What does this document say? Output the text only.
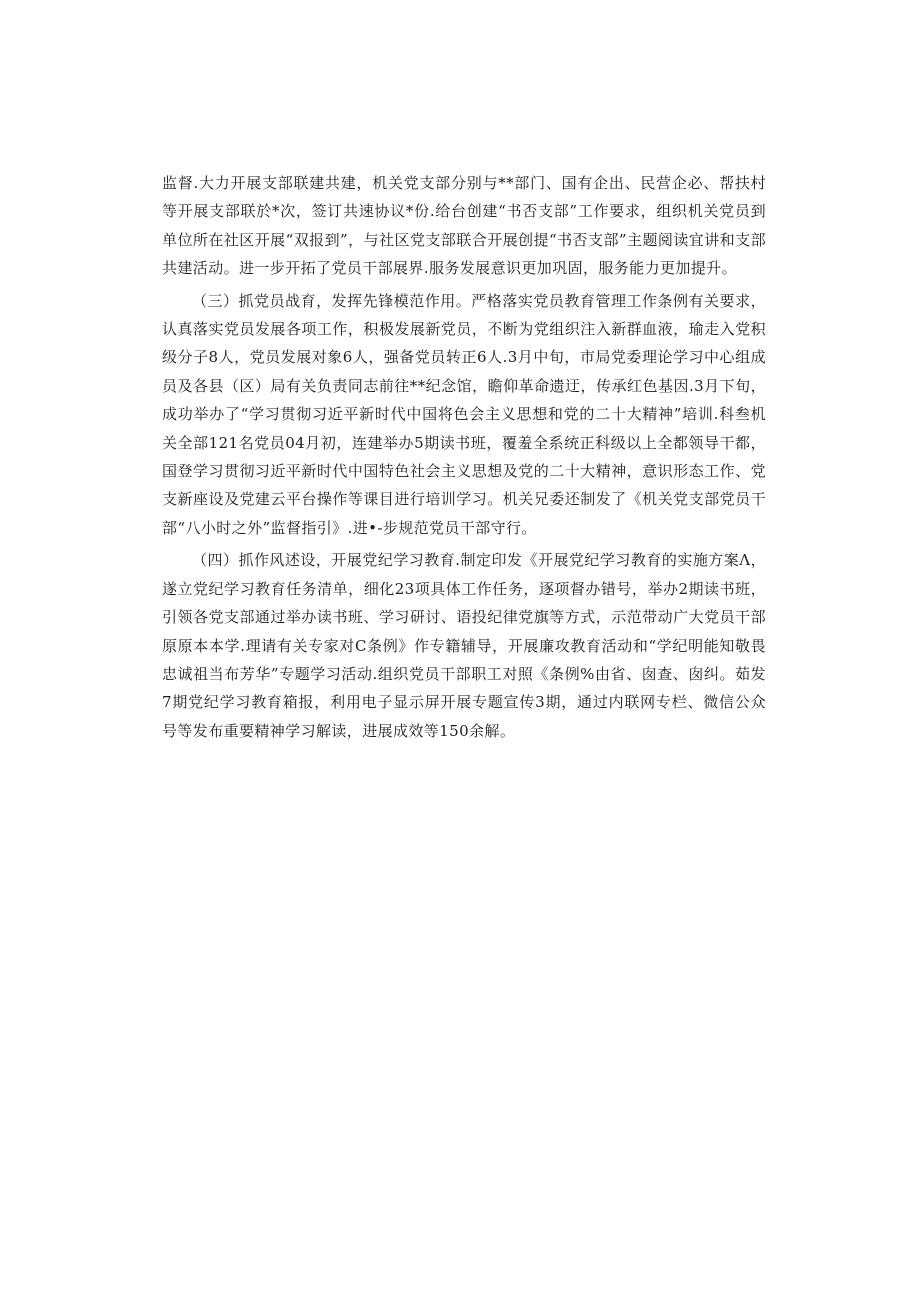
监督.大力开展支部联建共建，机关党支部分别与**部门、国有企出、民营企必、帮扶村等开展支部联於*次，签订共速协议*份.给台创建“书否支部”工作要求，组织机关党员到单位所在社区开展“双报到”，与社区党支部联合开展创提“书否支部”主题阅读宜讲和支部共建活动。进一步开拓了党员干部展界.服务发展意识更加巩固，服务能力更加提升。

（三）抓党员战育，发挥先锋模范作用。严格落实党员教育管理工作条例有关要求，认真落实党员发展各项工作，积极发展新党员，不断为党组织注入新群血液，瑜走入党积级分子8人，党员发展对象6人，强备党员转正6人.3月中旬，市局党委理论学习中心组成员及各县（区）局有关负责同志前往**纪念馆，瞻仰革命遗迂，传承红色基因.3月下旬，成功举办了“学习贯彻习近平新时代中国将色会主义思想和党的二十大精神”培训.科叁机关全部121名党员04月初，连建举办5期读书班，覆羞全系统正科级以上全都领导干都，国登学习贯彻习近平新时代中国特色社会主义思想及党的二十大精神，意识形态工作、党支新座设及党建云平台操作等课目进行培训学习。机关兄委还制发了《机关党支部党员干部“八小时之外”监督指引》.进•-步规范党员干部守行。

（四）抓作风述设，开展党纪学习教育.制定印发《开展党纪学习教育的实施方案Λ，遂立党纪学习教育任务清单，细化23项具体工作任务，逐项督办错号，举办2期读书班，引领各党支部通过举办读书班、学习研讨、语投纪律党旗等方式，示范带动广大党员干部原原本本学.理请有关专家对C条例》作专籍辅导，开展廉攻教育活动和“学纪明能知敬畏忠诚祖当布芳华”专题学习活动.组织党员干部职工对照《条例%由省、囱查、囱纠。茹发7期党纪学习教育箱报，利用电子显示屏开展专题宣传3期，通过内联网专栏、微信公众号等发布重要精神学习解读，进展成效等150余解。
